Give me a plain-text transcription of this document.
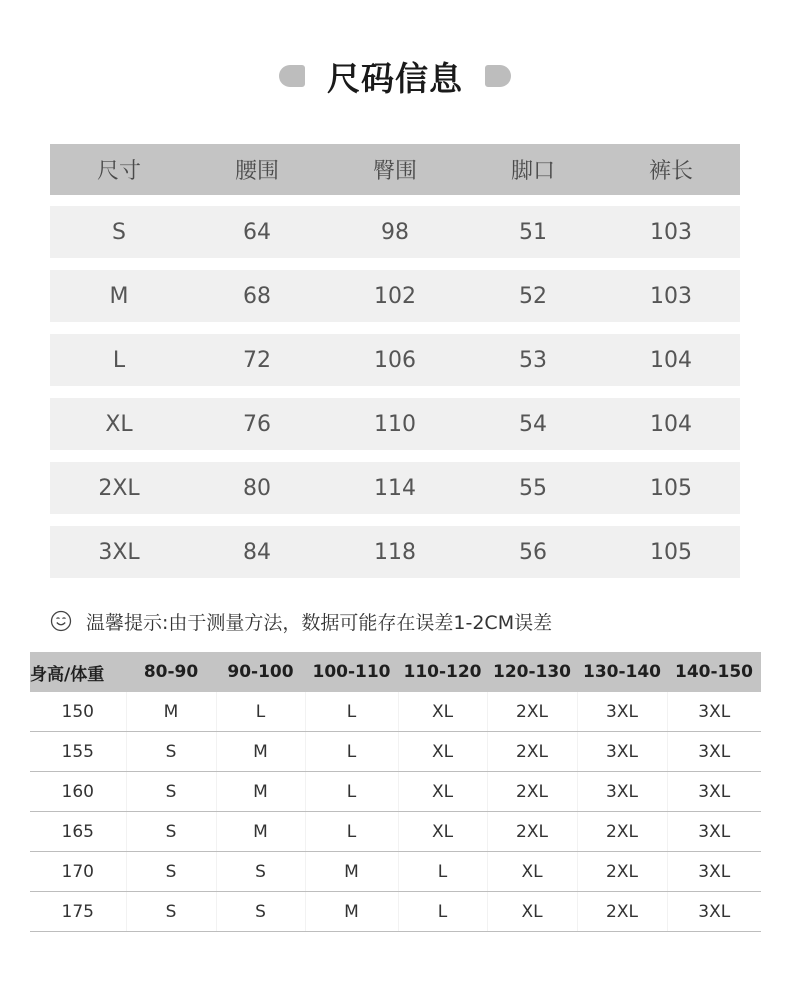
尺码信息
尺寸	腰围	臀围	脚口	裤长
S	64	98	51	103
M	68	102	52	103
L	72	106	53	104
XL	76	110	54	104
2XL	80	114	55	105
3XL	84	118	56	105
温馨提示:由于测量方法，数据可能存在误差1-2CM误差
身高/体重	80-90	90-100	100-110	110-120	120-130	130-140	140-150
150	M	L	L	XL	2XL	3XL	3XL
155	S	M	L	XL	2XL	3XL	3XL
160	S	M	L	XL	2XL	3XL	3XL
165	S	M	L	XL	2XL	2XL	3XL
170	S	S	M	L	XL	2XL	3XL
175	S	S	M	L	XL	2XL	3XL
